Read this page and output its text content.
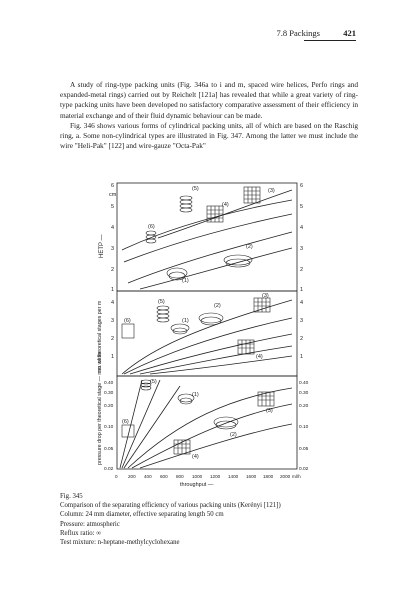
7.8 Packings	421

A study of ring-type packing units (Fig. 346a to i and m, spaced wire helices, Perfo rings and expanded-metal rings) carried out by Reichelt [121a] has revealed that while a great variety of ring-type packing units have been developed no satisfactory comparative assessment of their efficiency in material exchange and of their fluid dynamic behaviour can be made.

Fig. 346 shows various forms of cylindrical packing units, all of which are based on the Raschig ring, a. Some non-cylindrical types are illustrated in Fig. 347. Among the latter we must include the wire "Heli-Pak" [122] and wire-gauze "Octa-Pak"

cm
HETP —
6
5
4
3
2
1
6
5
4
3
2
1
(5)	(3)
(4)
(6)
(2)
(1)
no. of theoretical stages per m 4
3
2
1
4
3
2
1
(5)
(2)
(3)
(1)
(6)
(4)
pressure drop per theoretical stage — mm water 0.40
0.30
0.20
0.10
0.05
0.02
0.40
0.30
0.20
0.10
0.05
0.02
(5)
(1)
(6)
(3)
(2)
(4)
0 200 400 600 800 1000 1200 1400 1600 1800 2000 ml/h
throughput —
Fig. 345
Comparison of the separating efficiency of various packing units (Kerényi [121])
Column: 24 mm diameter, effective separating length 50 cm
Pressure: atmospheric
Reflux ratio: ∞
Test mixture: n-heptane-methylcyclohexane
